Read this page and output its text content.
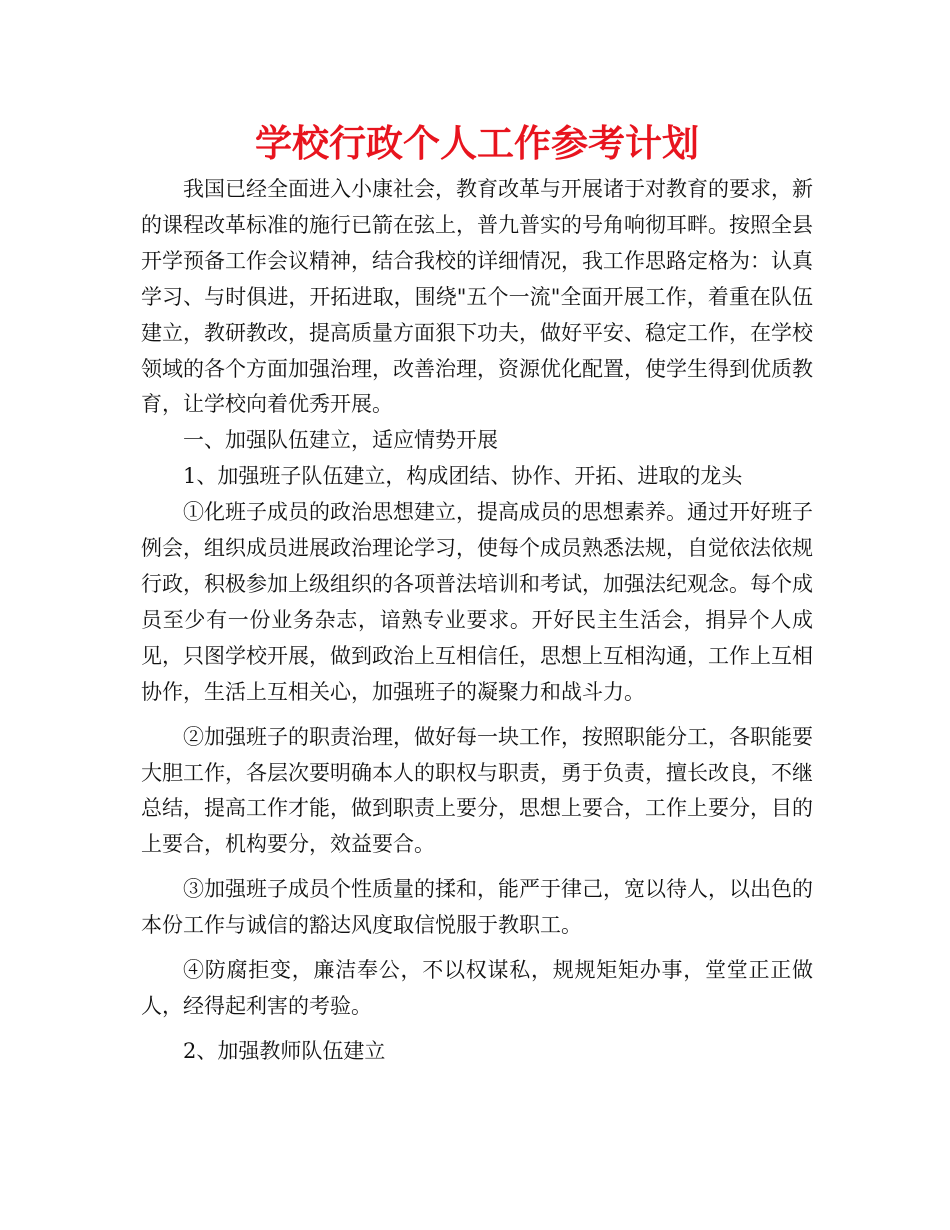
学校行政个人工作参考计划

我国已经全面进入小康社会，教育改革与开展诸于对教育的要求，新的课程改革标准的施行已箭在弦上，普九普实的号角响彻耳畔。按照全县开学预备工作会议精神，结合我校的详细情况，我工作思路定格为：认真学习、与时俱进，开拓进取，围绕"五个一流"全面开展工作，着重在队伍建立，教研教改，提高质量方面狠下功夫，做好平安、稳定工作，在学校领域的各个方面加强治理，改善治理，资源优化配置，使学生得到优质教育，让学校向着优秀开展。

一、加强队伍建立，适应情势开展

1、加强班子队伍建立，构成团结、协作、开拓、进取的龙头

①化班子成员的政治思想建立，提高成员的思想素养。通过开好班子例会，组织成员进展政治理论学习，使每个成员熟悉法规，自觉依法依规行政，积极参加上级组织的各项普法培训和考试，加强法纪观念。每个成员至少有一份业务杂志，谙熟专业要求。开好民主生活会，捐异个人成见，只图学校开展，做到政治上互相信任，思想上互相沟通，工作上互相协作，生活上互相关心，加强班子的凝聚力和战斗力。

②加强班子的职责治理，做好每一块工作，按照职能分工，各职能要大胆工作，各层次要明确本人的职权与职责，勇于负责，擅长改良，不继总结，提高工作才能，做到职责上要分，思想上要合，工作上要分，目的上要合，机构要分，效益要合。

③加强班子成员个性质量的揉和，能严于律己，宽以待人，以出色的本份工作与诚信的豁达风度取信悦服于教职工。

④防腐拒变，廉洁奉公，不以权谋私，规规矩矩办事，堂堂正正做人，经得起利害的考验。

2、加强教师队伍建立
